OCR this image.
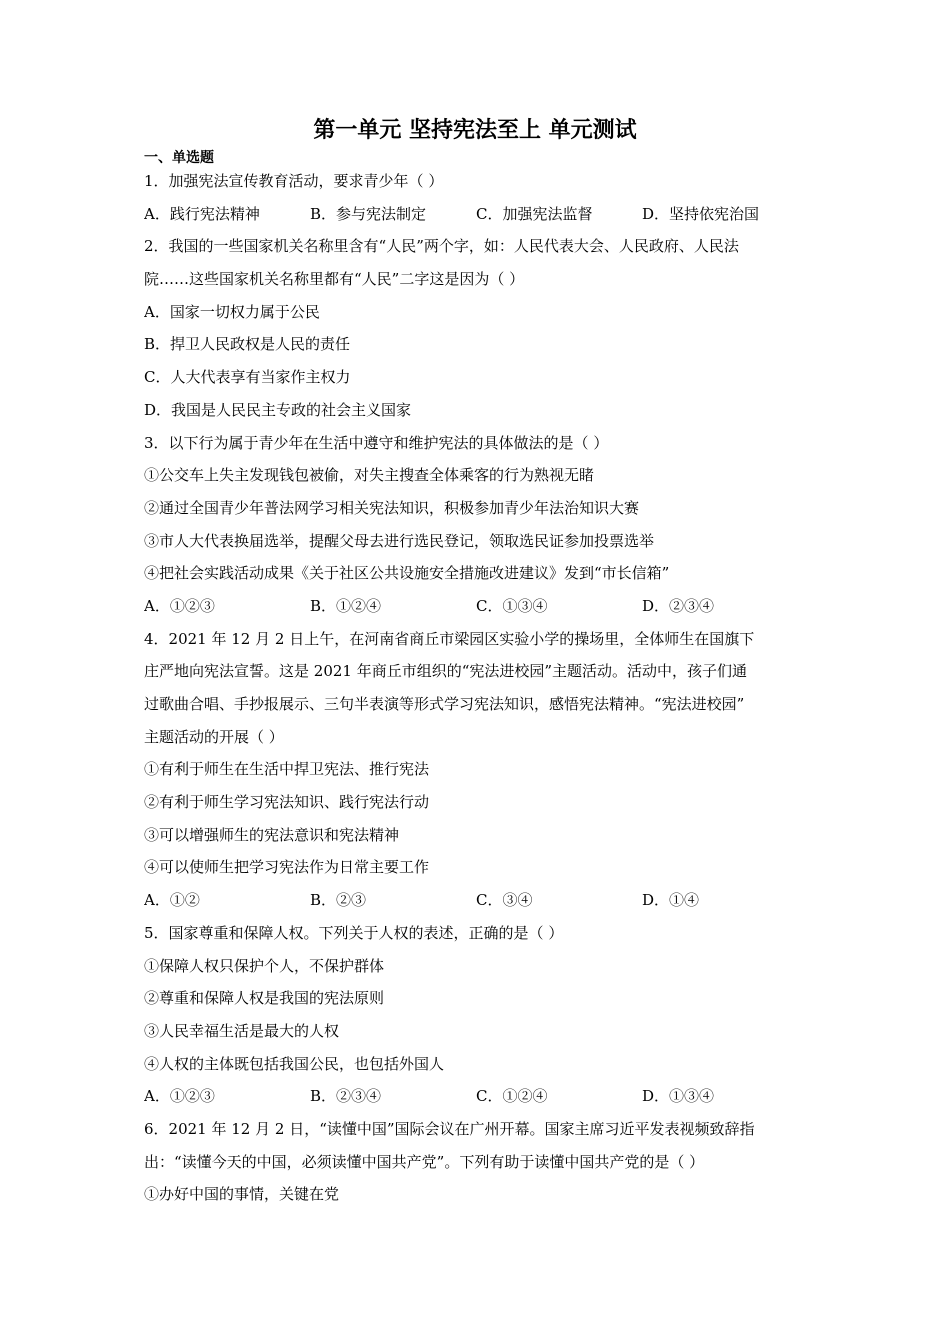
第一单元 坚持宪法至上 单元测试
一、单选题
1．加强宪法宣传教育活动，要求青少年（ ）
A．践行宪法精神	B．参与宪法制定	C．加强宪法监督	D．坚持依宪治国
2．我国的一些国家机关名称里含有“人民”两个字，如：人民代表大会、人民政府、人民法
院……这些国家机关名称里都有“人民”二字这是因为（ ）
A．国家一切权力属于公民
B．捍卫人民政权是人民的责任
C．人大代表享有当家作主权力
D．我国是人民民主专政的社会主义国家
3．以下行为属于青少年在生活中遵守和维护宪法的具体做法的是（ ）
①公交车上失主发现钱包被偷，对失主搜查全体乘客的行为熟视无睹
②通过全国青少年普法网学习相关宪法知识，积极参加青少年法治知识大赛
③市人大代表换届选举，提醒父母去进行选民登记，领取选民证参加投票选举
④把社会实践活动成果《关于社区公共设施安全措施改进建议》发到“市长信箱”
A．①②③	B．①②④	C．①③④	D．②③④
4．2021 年 12 月 2 日上午，在河南省商丘市梁园区实验小学的操场里，全体师生在国旗下
庄严地向宪法宣誓。这是 2021 年商丘市组织的“宪法进校园”主题活动。活动中，孩子们通
过歌曲合唱、手抄报展示、三句半表演等形式学习宪法知识，感悟宪法精神。“宪法进校园”
主题活动的开展（ ）
①有利于师生在生活中捍卫宪法、推行宪法
②有利于师生学习宪法知识、践行宪法行动
③可以增强师生的宪法意识和宪法精神
④可以使师生把学习宪法作为日常主要工作
A．①②	B．②③	C．③④	D．①④
5．国家尊重和保障人权。下列关于人权的表述，正确的是（ ）
①保障人权只保护个人，不保护群体
②尊重和保障人权是我国的宪法原则
③人民幸福生活是最大的人权
④人权的主体既包括我国公民，也包括外国人
A．①②③	B．②③④	C．①②④	D．①③④
6．2021 年 12 月 2 日，“读懂中国”国际会议在广州开幕。国家主席习近平发表视频致辞指
出：“读懂今天的中国，必须读懂中国共产党”。下列有助于读懂中国共产党的是（ ）
①办好中国的事情，关键在党
